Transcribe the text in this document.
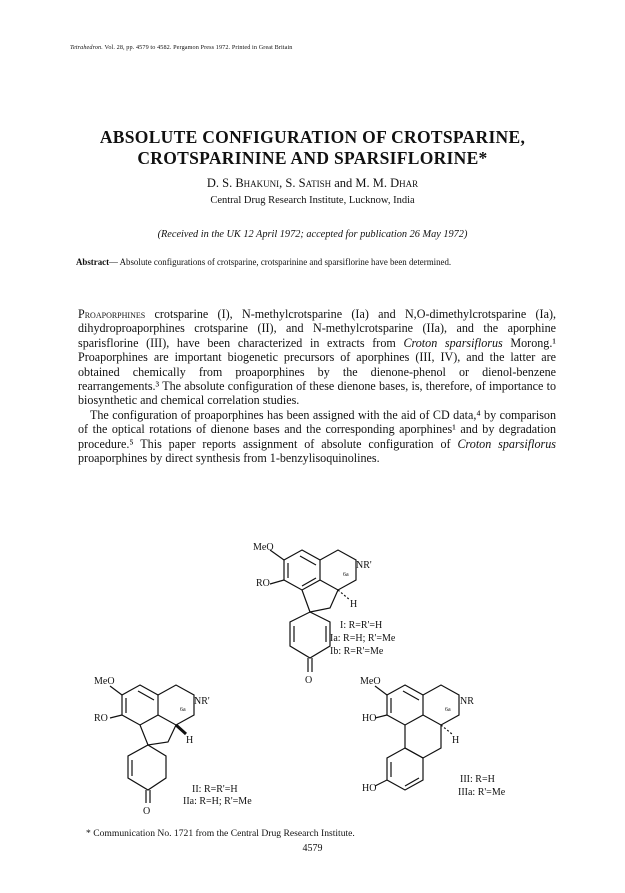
Tetrahedron. Vol. 28, pp. 4579 to 4582. Pergamon Press 1972. Printed in Great Britain
ABSOLUTE CONFIGURATION OF CROTSPARINE,
CROTSPARININE AND SPARSIFLORINE*
D. S. Bhakuni, S. Satish and M. M. Dhar
Central Drug Research Institute, Lucknow, India
(Received in the UK 12 April 1972; accepted for publication 26 May 1972)
Abstract— Absolute configurations of crotsparine, crotsparinine and sparsiflorine have been determined.

Proaporphines crotsparine (I), N-methylcrotsparine (Ia) and N,O-dimethylcrotsparine (Ia), dihydroproaporphines crotsparine (II), and N-methylcrotsparine (IIa), and the aporphine sparisflorine (III), have been characterized in extracts from Croton sparsiflorus Morong.¹ Proaporphines are important biogenetic precursors of aporphines (III, IV), and the latter are obtained chemically from proaporphines by the dienone-phenol or dienol-benzene rearrangements.³ The absolute configuration of these dienone bases, is, therefore, of importance to biosynthetic and chemical correlation studies.

The configuration of proaporphines has been assigned with the aid of CD data,⁴ by comparison of the optical rotations of dienone bases and the corresponding aporphines¹ and by degradation procedure.⁵ This paper reports assignment of absolute configuration of Croton sparsiflorus proaporphines by direct synthesis from 1-benzylisoquinolines.

MeO
RO
NR'
6a
H
O
I: R=R'=H
Ia: R=H; R'=Me
Ib: R=R'=Me
MeO
RO
NR'
6a
H
O
II: R=R'=H
IIa: R=H; R'=Me
MeO
HO
NR
6a
H
HO
III: R=H
IIIa: R'=Me
* Communication No. 1721 from the Central Drug Research Institute.
4579
